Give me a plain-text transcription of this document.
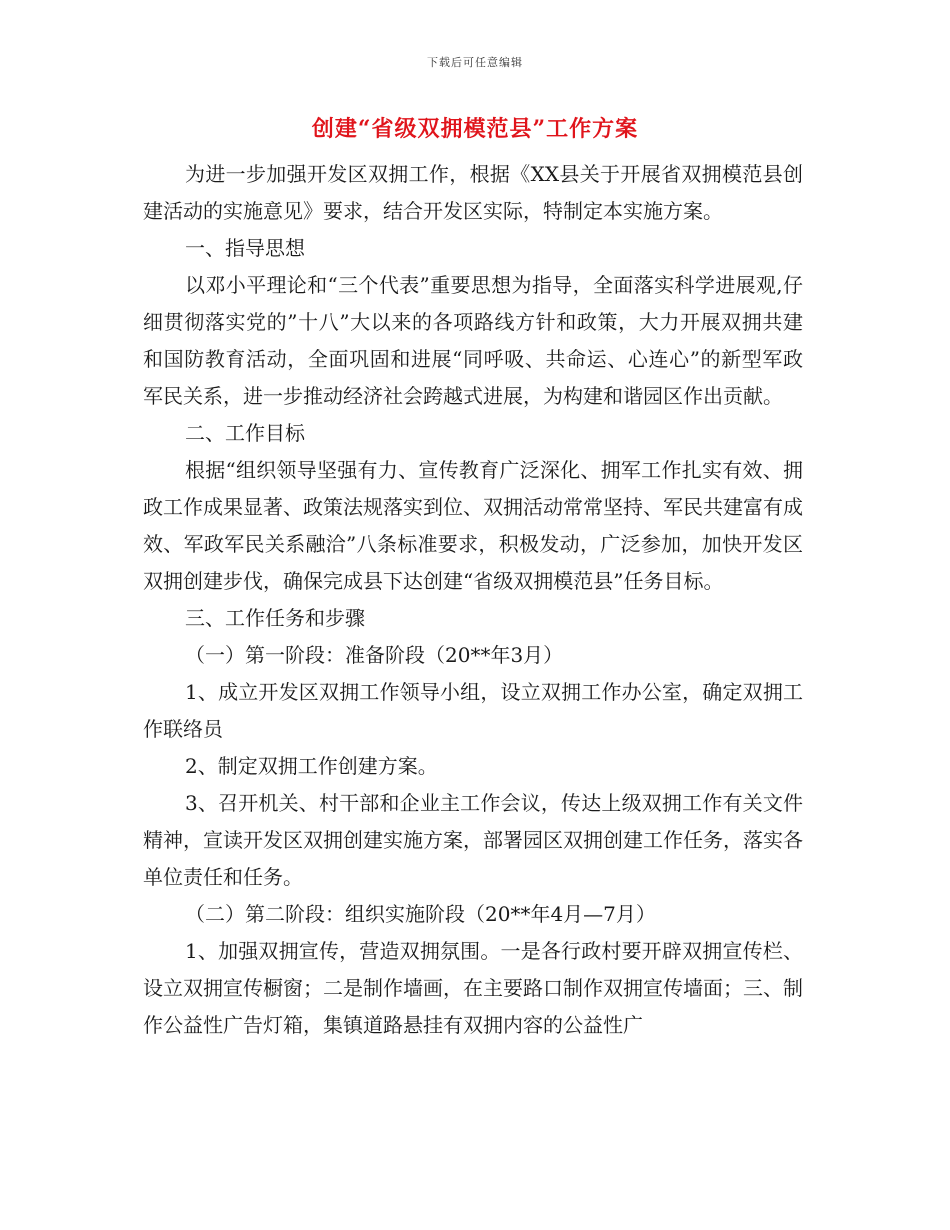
下载后可任意编辑
创建“省级双拥模范县”工作方案

为进一步加强开发区双拥工作，根据《XX县关于开展省双拥模范县创建活动的实施意见》要求，结合开发区实际，特制定本实施方案。

一、指导思想

以邓小平理论和“三个代表”重要思想为指导，全面落实科学进展观,仔细贯彻落实党的”十八”大以来的各项路线方针和政策，大力开展双拥共建和国防教育活动，全面巩固和进展“同呼吸、共命运、心连心”的新型军政军民关系，进一步推动经济社会跨越式进展，为构建和谐园区作出贡献。

二、工作目标

根据“组织领导坚强有力、宣传教育广泛深化、拥军工作扎实有效、拥政工作成果显著、政策法规落实到位、双拥活动常常坚持、军民共建富有成效、军政军民关系融洽”八条标准要求，积极发动，广泛参加，加快开发区双拥创建步伐，确保完成县下达创建“省级双拥模范县”任务目标。

三、工作任务和步骤

（一）第一阶段：准备阶段（20**年3月）

1、成立开发区双拥工作领导小组，设立双拥工作办公室，确定双拥工作联络员

2、制定双拥工作创建方案。

3、召开机关、村干部和企业主工作会议，传达上级双拥工作有关文件精神，宣读开发区双拥创建实施方案，部署园区双拥创建工作任务，落实各单位责任和任务。

（二）第二阶段：组织实施阶段（20**年4月—7月）

1、加强双拥宣传，营造双拥氛围。一是各行政村要开辟双拥宣传栏、设立双拥宣传橱窗；二是制作墙画，在主要路口制作双拥宣传墙面；三、制作公益性广告灯箱，集镇道路悬挂有双拥内容的公益性广
